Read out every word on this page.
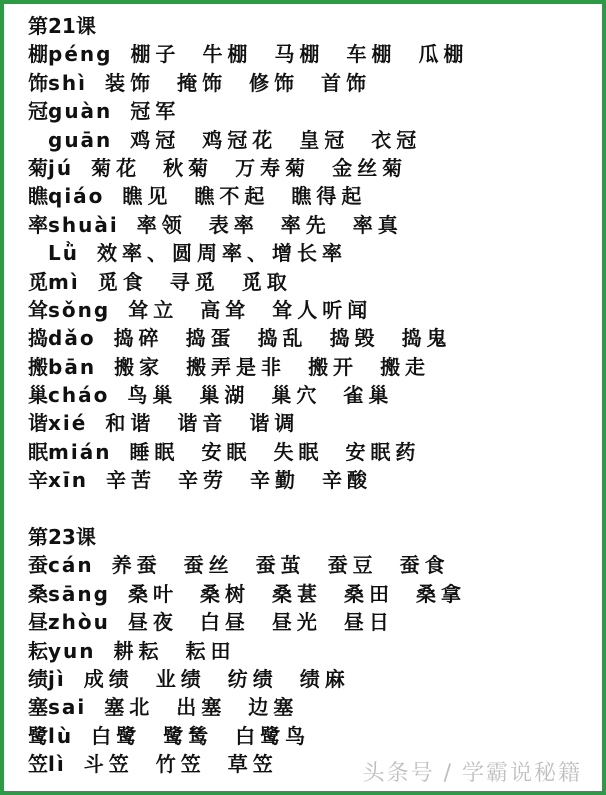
第21课
棚péng 棚子 牛棚 马棚 车棚 瓜棚
饰shì 装饰 掩饰 修饰 首饰
冠guàn 冠军
guān 鸡冠 鸡冠花 皇冠 衣冠
菊jú 菊花 秋菊 万寿菊 金丝菊
瞧qiáo 瞧见 瞧不起 瞧得起
率shuài 率领 表率 率先 率真
Lǜ 效率、圆周率、增长率
觅mì 觅食 寻觅 觅取
耸sǒng 耸立 高耸 耸人听闻
捣dǎo 捣碎 捣蛋 捣乱 捣毁 捣鬼
搬bān 搬家 搬弄是非 搬开 搬走
巢cháo 鸟巢 巢湖 巢穴 雀巢
谐xié 和谐 谐音 谐调
眠mián 睡眠 安眠 失眠 安眠药
辛xīn 辛苦 辛劳 辛勤 辛酸
第23课
蚕cán 养蚕 蚕丝 蚕茧 蚕豆 蚕食
桑sāng 桑叶 桑树 桑葚 桑田 桑拿
昼zhòu 昼夜 白昼 昼光 昼日
耘yun 耕耘 耘田
绩jì 成绩 业绩 纺绩 绩麻
塞sai 塞北 出塞 边塞
鹭lù 白鹭 鹭鸶 白鹭鸟
笠lì 斗笠 竹笠 草笠	头条号 / 学霸说秘籍
